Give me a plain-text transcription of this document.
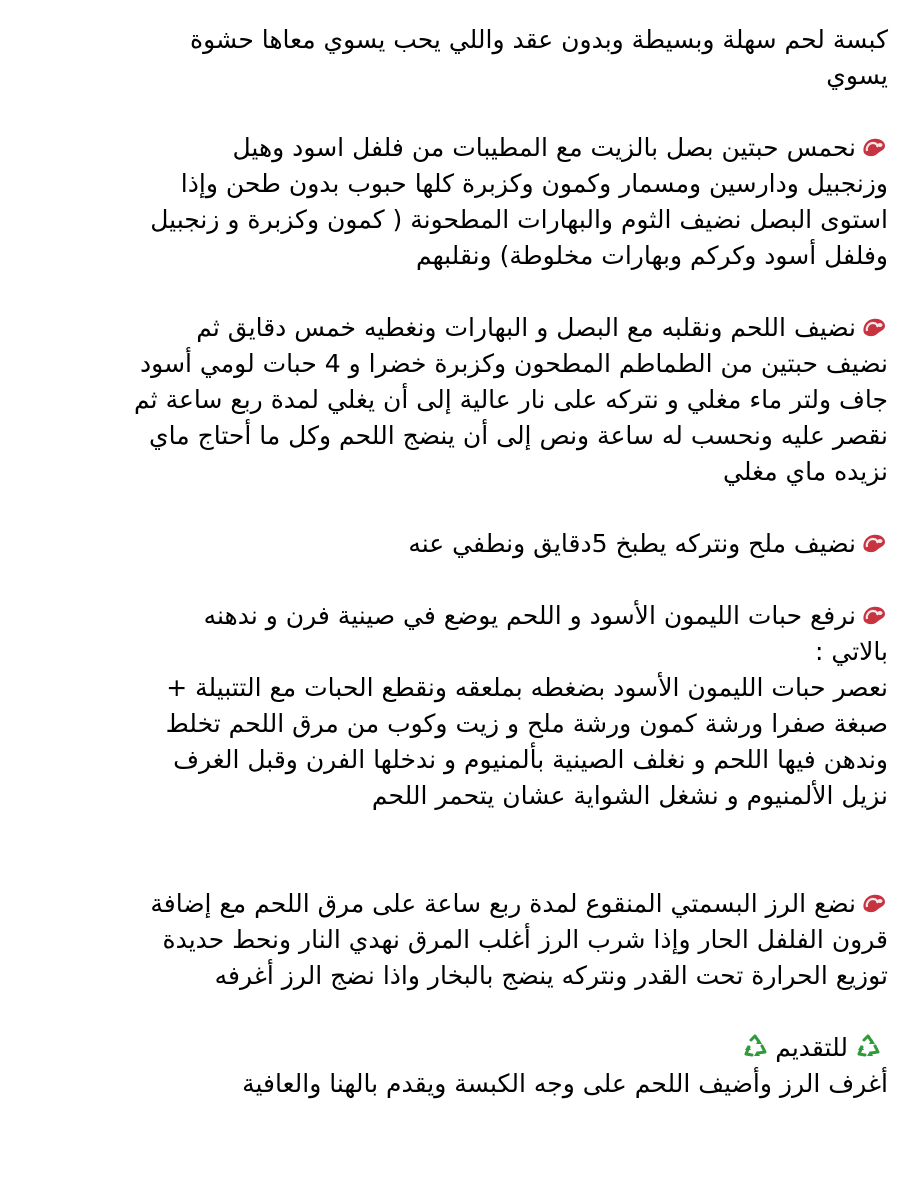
كبسة لحم سهلة وبسيطة وبدون عقد واللي يحب يسوي معاها حشوة
يسوي

نحمس حبتين بصل بالزيت مع المطيبات من فلفل اسود وهيل
وزنجبيل ودارسين ومسمار وكمون وكزبرة كلها حبوب بدون طحن وإذا
استوى البصل نضيف الثوم والبهارات المطحونة ( كمون وكزبرة و زنجبيل
وفلفل أسود وكركم وبهارات مخلوطة) ونقلبهم

نضيف اللحم ونقلبه مع البصل و البهارات ونغطيه خمس دقايق ثم
نضيف حبتين من الطماطم المطحون وكزبرة خضرا و 4 حبات لومي أسود
جاف ولتر ماء مغلي و نتركه على نار عالية إلى أن يغلي لمدة ربع ساعة ثم
نقصر عليه ونحسب له ساعة ونص إلى أن ينضج اللحم وكل ما أحتاج ماي
نزيده ماي مغلي

نضيف ملح ونتركه يطبخ 5دقايق ونطفي عنه

نرفع حبات الليمون الأسود و اللحم يوضع في صينية فرن و ندهنه
بالاتي :
نعصر حبات الليمون الأسود بضغطه بملعقه ونقطع الحبات مع التتبيلة +
صبغة صفرا ورشة كمون ورشة ملح و زيت وكوب من مرق اللحم تخلط
وندهن فيها اللحم و نغلف الصينية بألمنيوم و ندخلها الفرن وقبل الغرف
نزيل الألمنيوم و نشغل الشواية عشان يتحمر اللحم

نضع الرز البسمتي المنقوع لمدة ربع ساعة على مرق اللحم مع إضافة
قرون الفلفل الحار وإذا شرب الرز أغلب المرق نهدي النار ونحط حديدة
توزيع الحرارة تحت القدر ونتركه ينضج بالبخار واذا نضج الرز أغرفه

للتقديم
أغرف الرز وأضيف اللحم على وجه الكبسة ويقدم بالهنا والعافية
